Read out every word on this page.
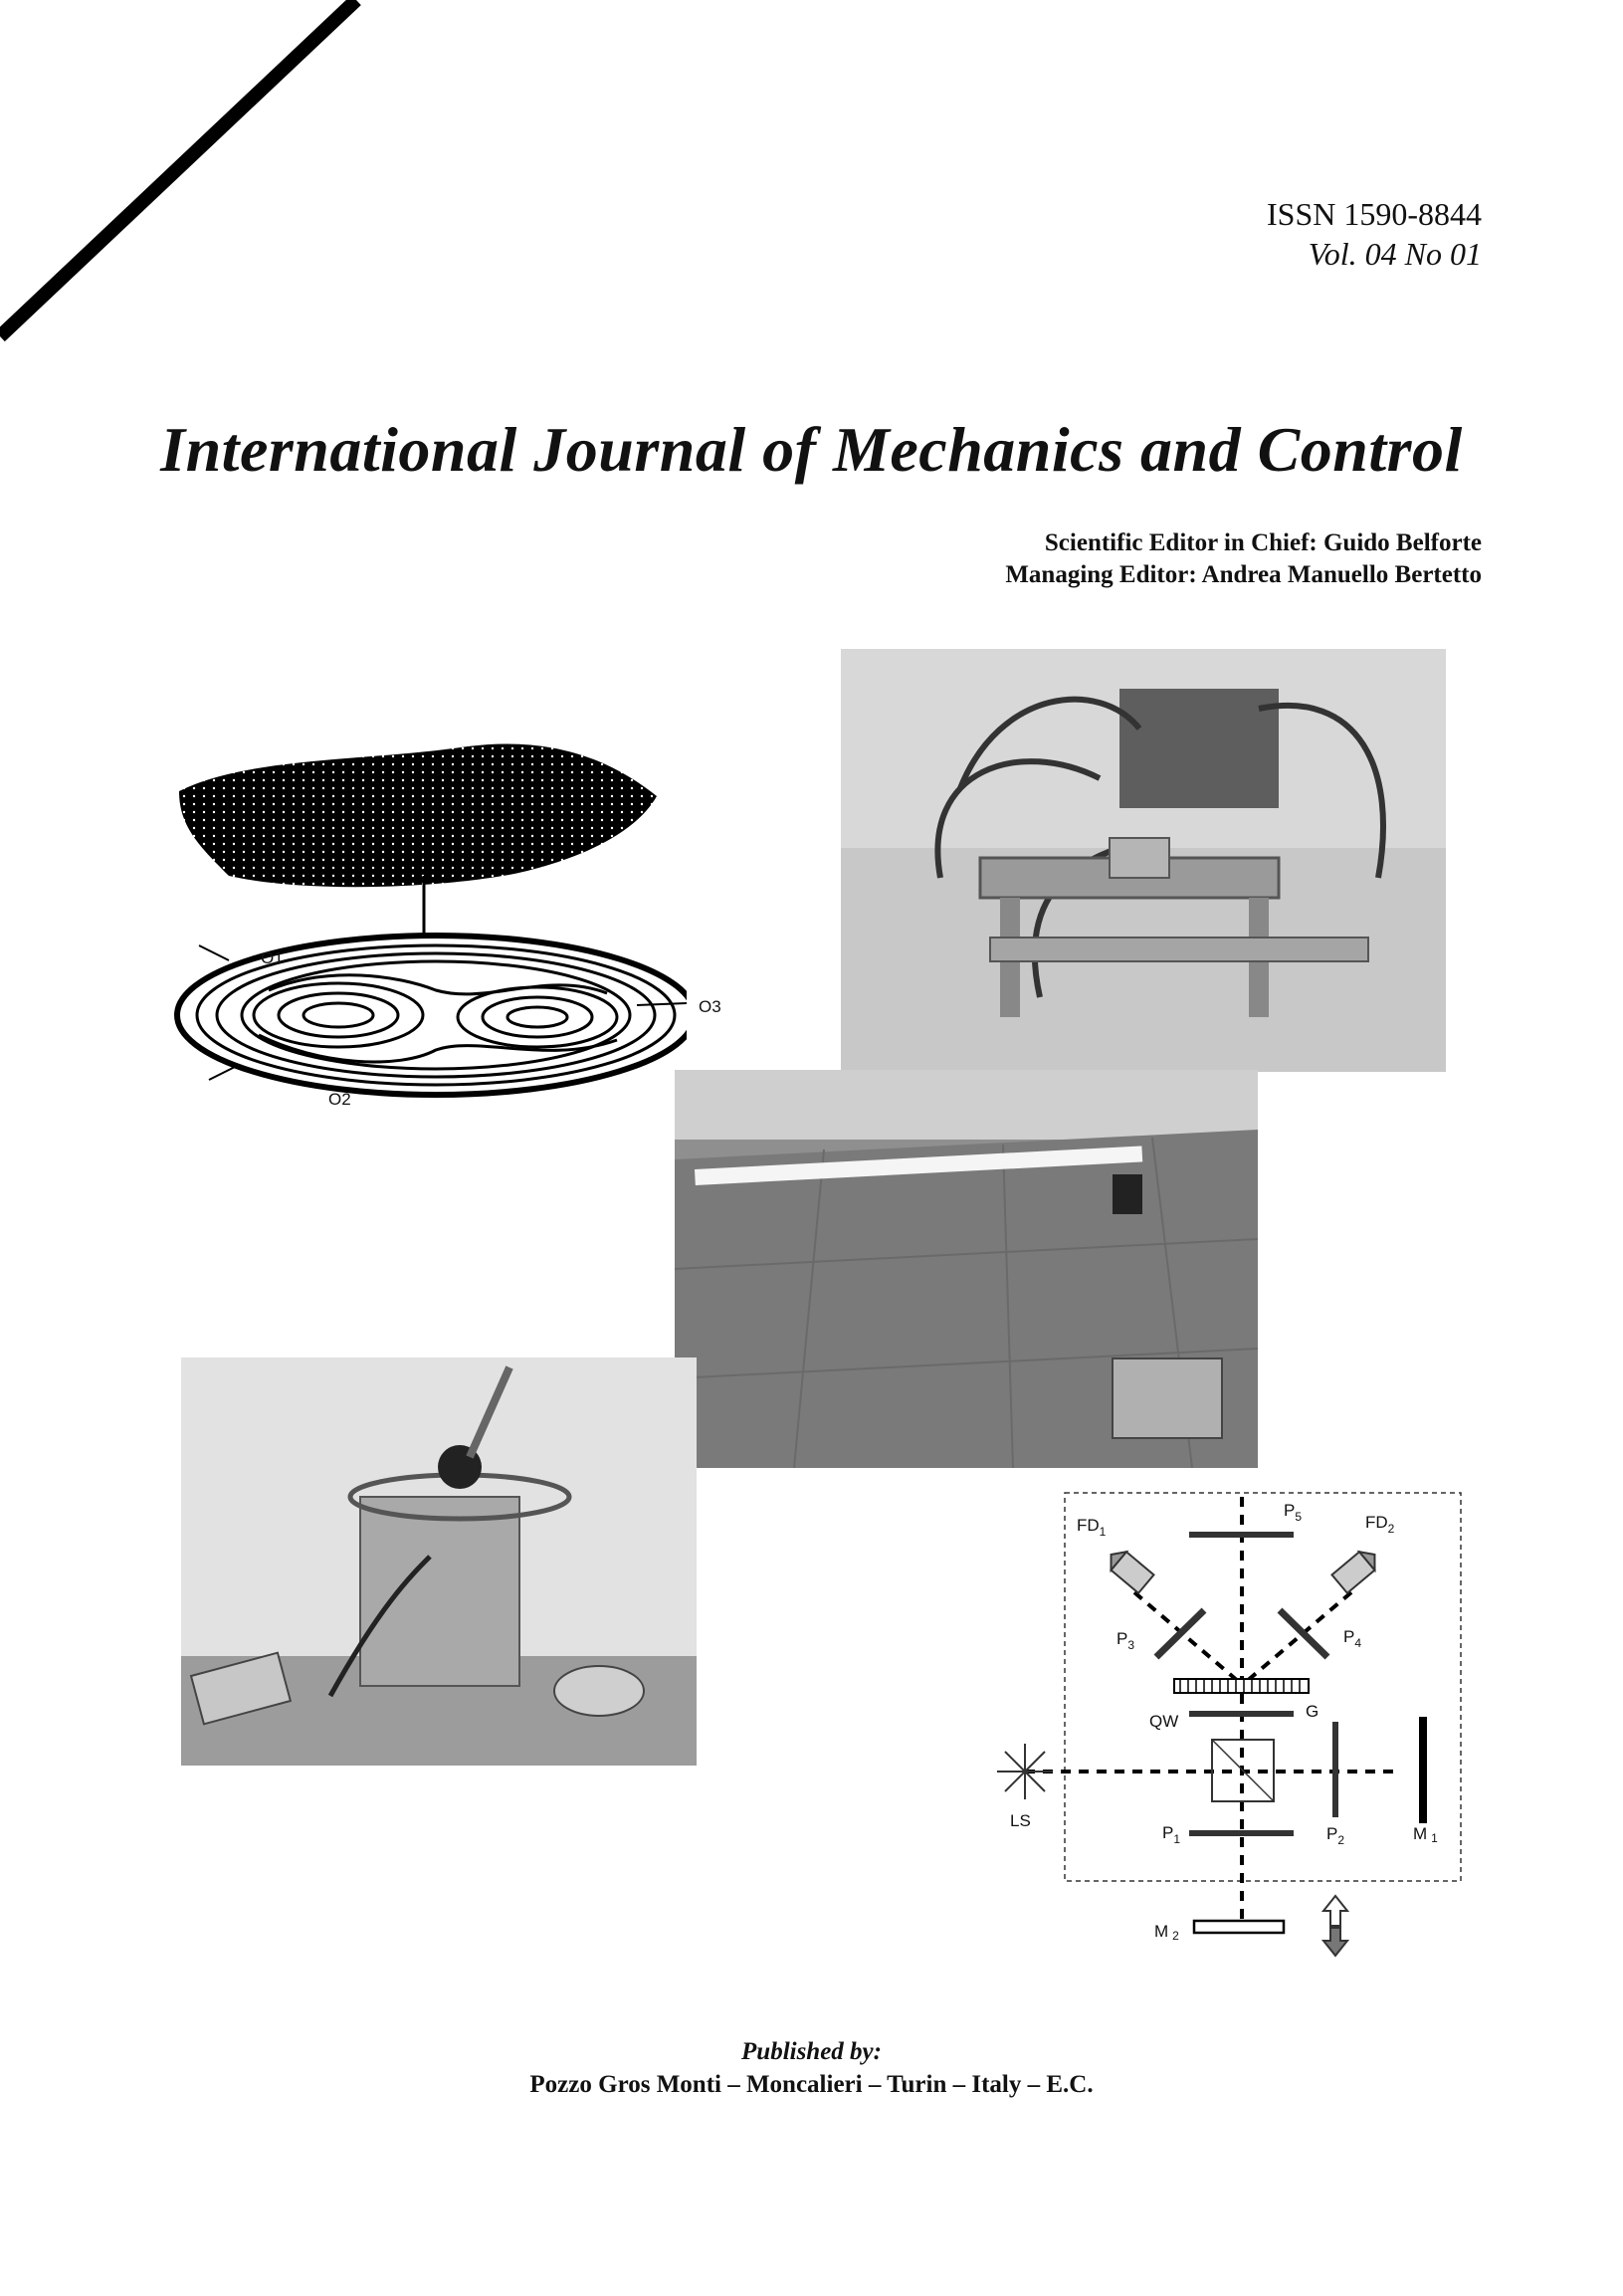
ISSN 1590-8844
Vol. 04 No 01
International Journal of Mechanics and Control
Scientific Editor in Chief: Guido Belforte
Managing Editor: Andrea Manuello Bertetto
O1
O2
O3
$FD_1$	$FD_2$
$P_5$
$P_3$	$P_4$
G
QW
LS
$P_1$	$P_2$	M 1
M 2
Published by:
Pozzo Gros Monti – Moncalieri – Turin – Italy – E.C.
